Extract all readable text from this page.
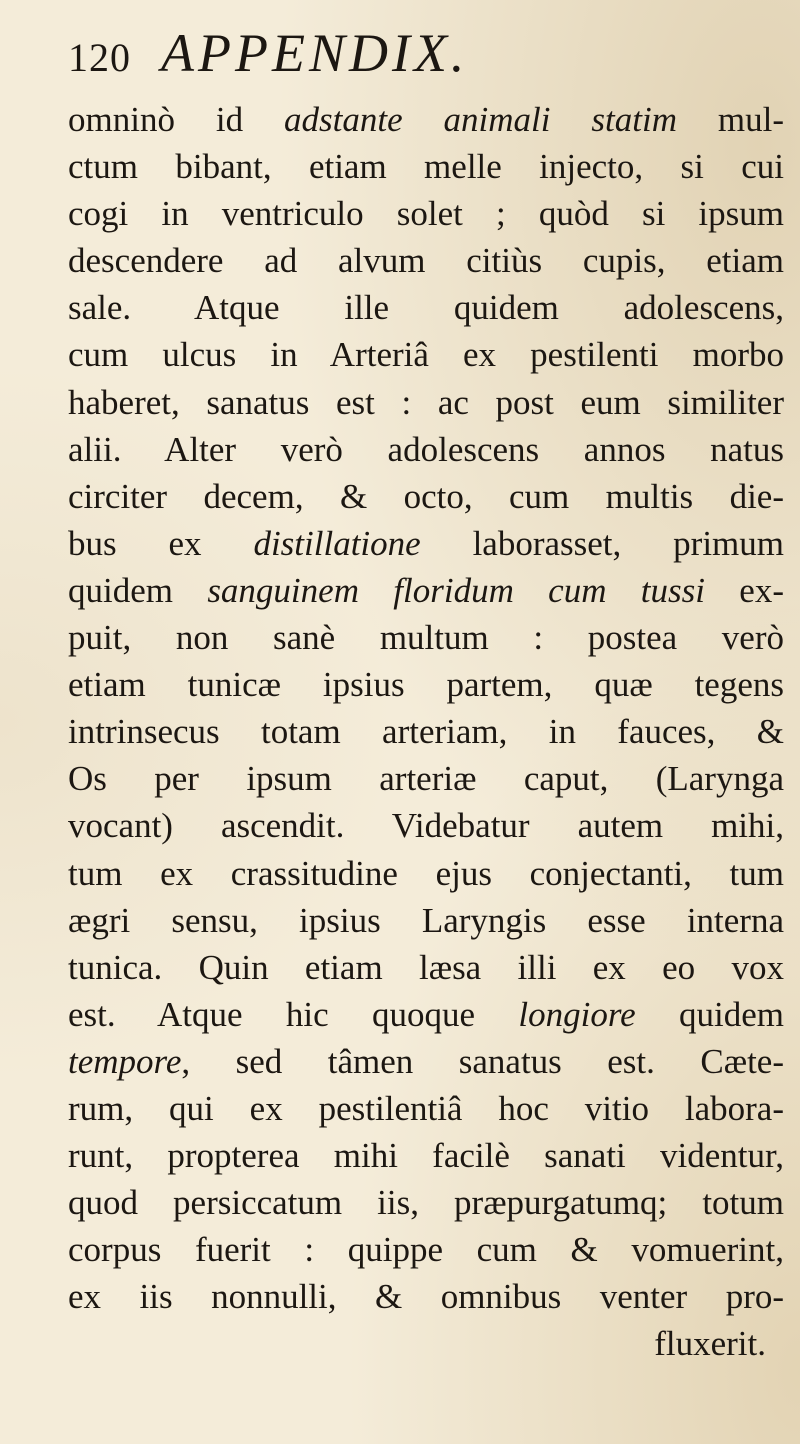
120 APPENDIX.
omninò id adstante animali statim mul-
ctum bibant, etiam melle injecto, si cui
cogi in ventriculo solet ; quòd si ipsum
descendere ad alvum citiùs cupis, etiam
sale. Atque ille quidem adolescens,
cum ulcus in Arteriâ ex pestilenti morbo
haberet, sanatus est : ac post eum similiter
alii. Alter verò adolescens annos natus
circiter decem, & octo, cum multis die-
bus ex distillatione laborasset, primum
quidem sanguinem floridum cum tussi ex-
puit, non sanè multum : postea verò
etiam tunicæ ipsius partem, quæ tegens
intrinsecus totam arteriam, in fauces, &
Os per ipsum arteriæ caput, (Larynga
vocant) ascendit. Videbatur autem mihi,
tum ex crassitudine ejus conjectanti, tum
ægri sensu, ipsius Laryngis esse interna
tunica. Quin etiam læsa illi ex eo vox
est. Atque hic quoque longiore quidem
tempore, sed tâmen sanatus est. Cæte-
rum, qui ex pestilentiâ hoc vitio labora-
runt, propterea mihi facilè sanati videntur,
quod persiccatum iis, præpurgatumq; totum
corpus fuerit : quippe cum & vomuerint,
ex iis nonnulli, & omnibus venter pro-
fluxerit.
